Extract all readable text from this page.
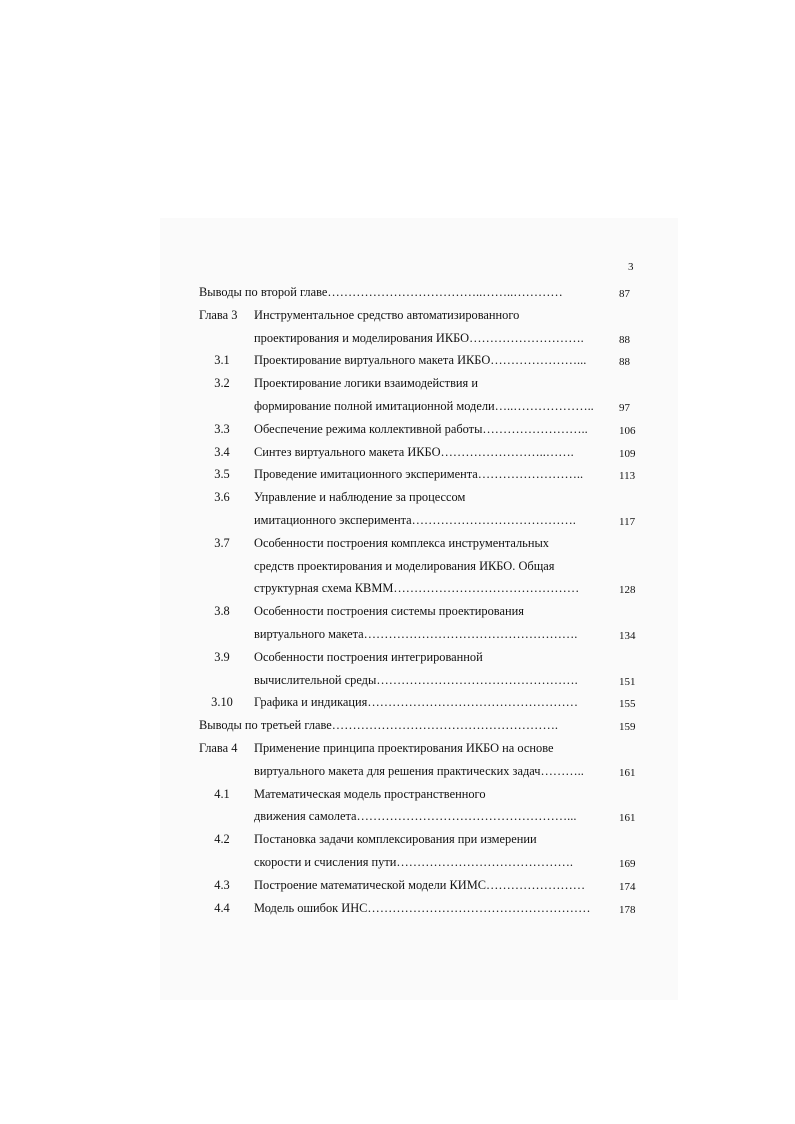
3
Выводы по второй главе………………………………..……..…………	87
Глава 3 Инструментальное средство автоматизированного
проектирования и моделирования ИКБО……………………….	88
3.1	Проектирование виртуального макета ИКБО…………………...	88
3.2	Проектирование логики взаимодействия и
формирование полной имитационной модели…..……………….. 97
3.3	Обеспечение режима коллективной работы……………………..	106
3.4	Синтез виртуального макета ИКБО……………………..…….	109
3.5	Проведение имитационного эксперимента……………………..	113
3.6	Управление и наблюдение за процессом
имитационного эксперимента………………………………….	117
3.7	Особенности построения комплекса инструментальных
средств проектирования и моделирования ИКБО. Общая
структурная схема КВММ………………………………………	128
3.8	Особенности построения системы проектирования
виртуального макета…………………………………………….	134
3.9	Особенности построения интегрированной
вычислительной среды………………………………………….	151
3.10	Графика и индикация……………………………………………	155
Выводы по третьей главе……………………………………………….	159
Глава 4 Применение принципа проектирования ИКБО на основе
виртуального макета для решения практических задач………..	161
4.1	Математическая модель пространственного
движения самолета……………………………………………...	161
4.2	Постановка задачи комплексирования при измерении
скорости и счисления пути…………………………………….	169
4.3	Построение математической модели КИМС……………………	174
4.4	Модель ошибок ИНС………………………………………………	178
